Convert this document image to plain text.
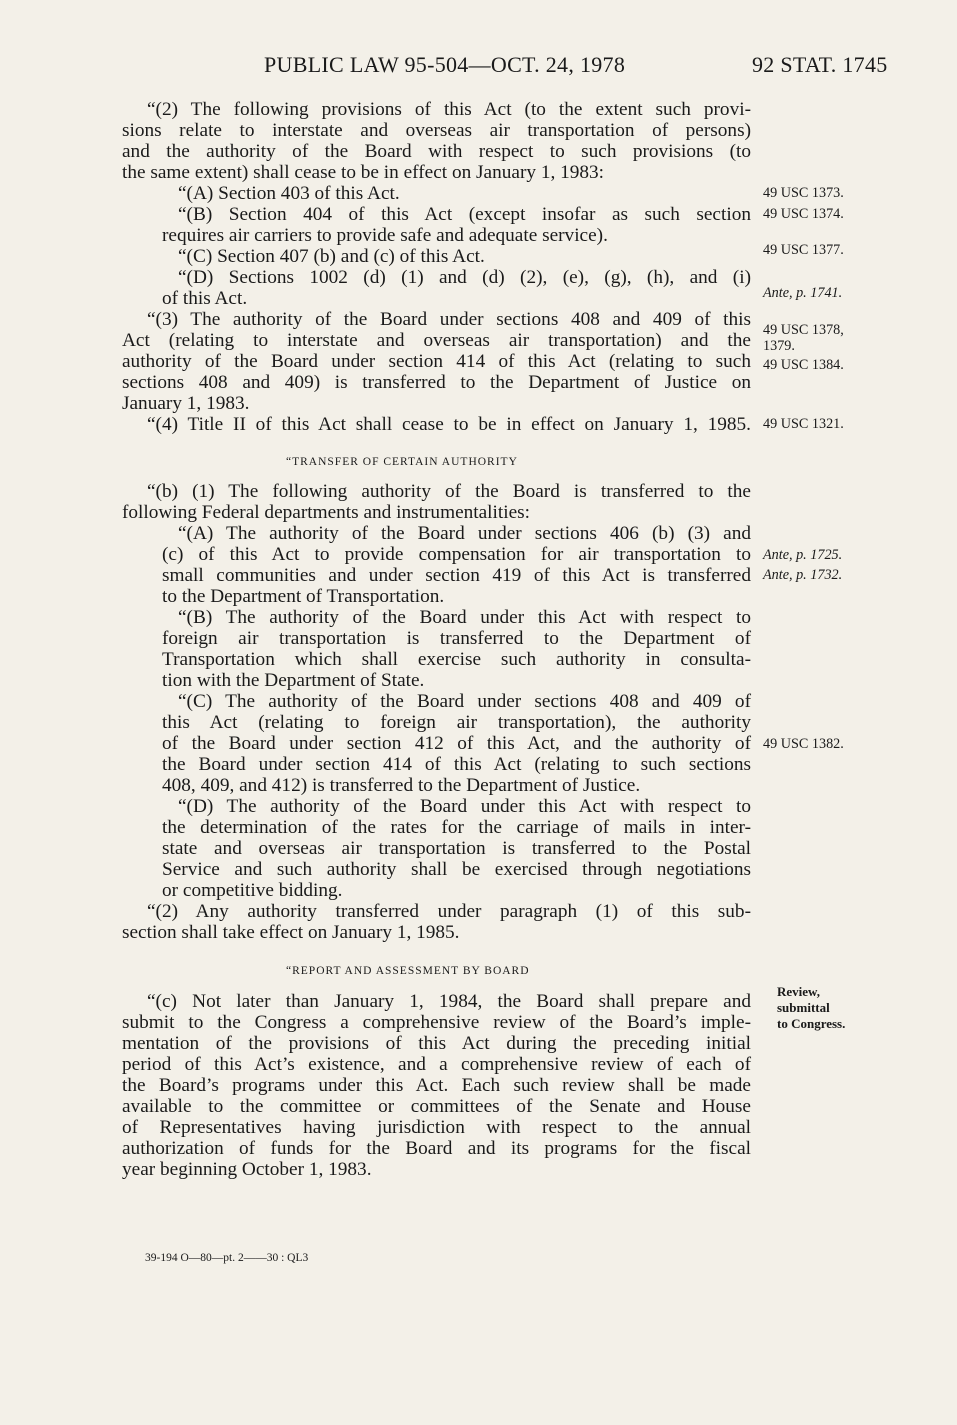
PUBLIC LAW 95-504—OCT. 24, 1978	92 STAT. 1745
“(2) The following provisions of this Act (to the extent such provi-
sions relate to interstate and overseas air transportation of persons)
and the authority of the Board with respect to such provisions (to
the same extent) shall cease to be in effect on January 1, 1983:
“(A) Section 403 of this Act.
“(B) Section 404 of this Act (except insofar as such section
requires air carriers to provide safe and adequate service).
“(C) Section 407 (b) and (c) of this Act.
“(D) Sections 1002 (d) (1) and (d) (2), (e), (g), (h), and (i)
of this Act.
“(3) The authority of the Board under sections 408 and 409 of this
Act (relating to interstate and overseas air transportation) and the
authority of the Board under section 414 of this Act (relating to such
sections 408 and 409) is transferred to the Department of Justice on
January 1, 1983.
“(4) Title II of this Act shall cease to be in effect on January 1, 1985.
“TRANSFER OF CERTAIN AUTHORITY
“(b) (1) The following authority of the Board is transferred to the
following Federal departments and instrumentalities:
“(A) The authority of the Board under sections 406 (b) (3) and
(c) of this Act to provide compensation for air transportation to
small communities and under section 419 of this Act is transferred
to the Department of Transportation.
“(B) The authority of the Board under this Act with respect to
foreign air transportation is transferred to the Department of
Transportation which shall exercise such authority in consulta-
tion with the Department of State.
“(C) The authority of the Board under sections 408 and 409 of
this Act (relating to foreign air transportation), the authority
of the Board under section 412 of this Act, and the authority of
the Board under section 414 of this Act (relating to such sections
408, 409, and 412) is transferred to the Department of Justice.
“(D) The authority of the Board under this Act with respect to
the determination of the rates for the carriage of mails in inter-
state and overseas air transportation is transferred to the Postal
Service and such authority shall be exercised through negotiations
or competitive bidding.
“(2) Any authority transferred under paragraph (1) of this sub-
section shall take effect on January 1, 1985.
“REPORT AND ASSESSMENT BY BOARD
“(c) Not later than January 1, 1984, the Board shall prepare and
submit to the Congress a comprehensive review of the Board’s imple-
mentation of the provisions of this Act during the preceding initial
period of this Act’s existence, and a comprehensive review of each of
the Board’s programs under this Act. Each such review shall be made
available to the committee or committees of the Senate and House
of Representatives having jurisdiction with respect to the annual
authorization of funds for the Board and its programs for the fiscal
year beginning October 1, 1983.
49 USC 1373.
49 USC 1374.
49 USC 1377.
Ante, p. 1741.
49 USC 1378,
1379.
49 USC 1384.
49 USC 1321.
Ante, p. 1725.
Ante, p. 1732.
49 USC 1382.
Review,
submittal
to Congress.
39-194 O—80—pt. 2——30 : QL3
